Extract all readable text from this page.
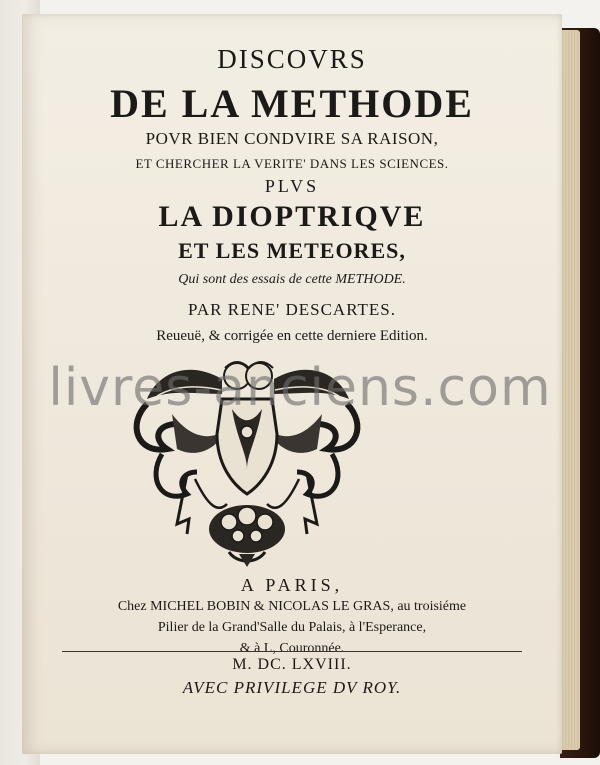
DISCOVRS
DE LA METHODE
POVR BIEN CONDVIRE SA RAISON,
ET CHERCHER LA VERITE' DANS LES SCIENCES.
PLVS
LA DIOPTRIQVE
ET LES METEORES,
Qui sont des essais de cette METHODE.
PAR RENE' DESCARTES.
Reueuë, & corrigée en cette derniere Edition.
A PARIS,
Chez MICHEL BOBIN & NICOLAS LE GRAS, au troisiéme
Pilier de la Grand'Salle du Palais, à l'Esperance,
& à L, Couronnée.
M. DC. LXVIII.
AVEC PRIVILEGE DV ROY.
livres-anciens.com
